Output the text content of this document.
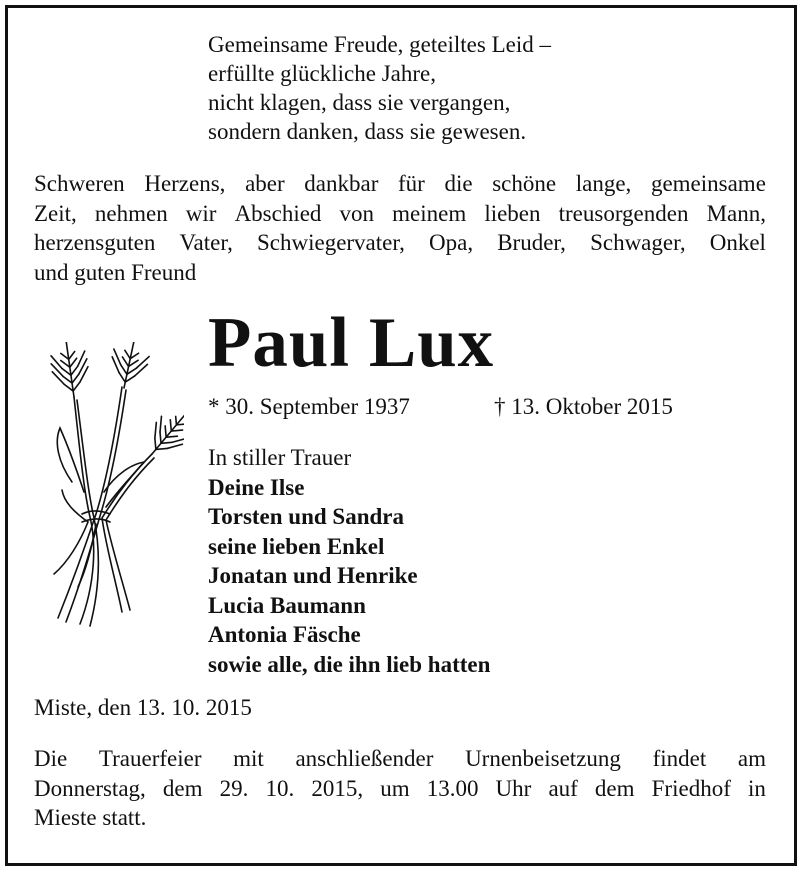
Gemeinsame Freude, geteiltes Leid –
erfüllte glückliche Jahre,
nicht klagen, dass sie vergangen,
sondern danken, dass sie gewesen.
Schweren Herzens, aber dankbar für die schöne lange, gemeinsame
Zeit, nehmen wir Abschied von meinem lieben treusorgenden Mann,
herzensguten Vater, Schwiegervater, Opa, Bruder, Schwager, Onkel
und guten Freund
Paul Lux
* 30. September 1937	† 13. Oktober 2015
In stiller Trauer
Deine Ilse
Torsten und Sandra
seine lieben Enkel
Jonatan und Henrike
Lucia Baumann
Antonia Fäsche
sowie alle, die ihn lieb hatten
Miste, den 13. 10. 2015
Die Trauerfeier mit anschließender Urnenbeisetzung findet am
Donnerstag, dem 29. 10. 2015, um 13.00 Uhr auf dem Friedhof in
Mieste statt.
